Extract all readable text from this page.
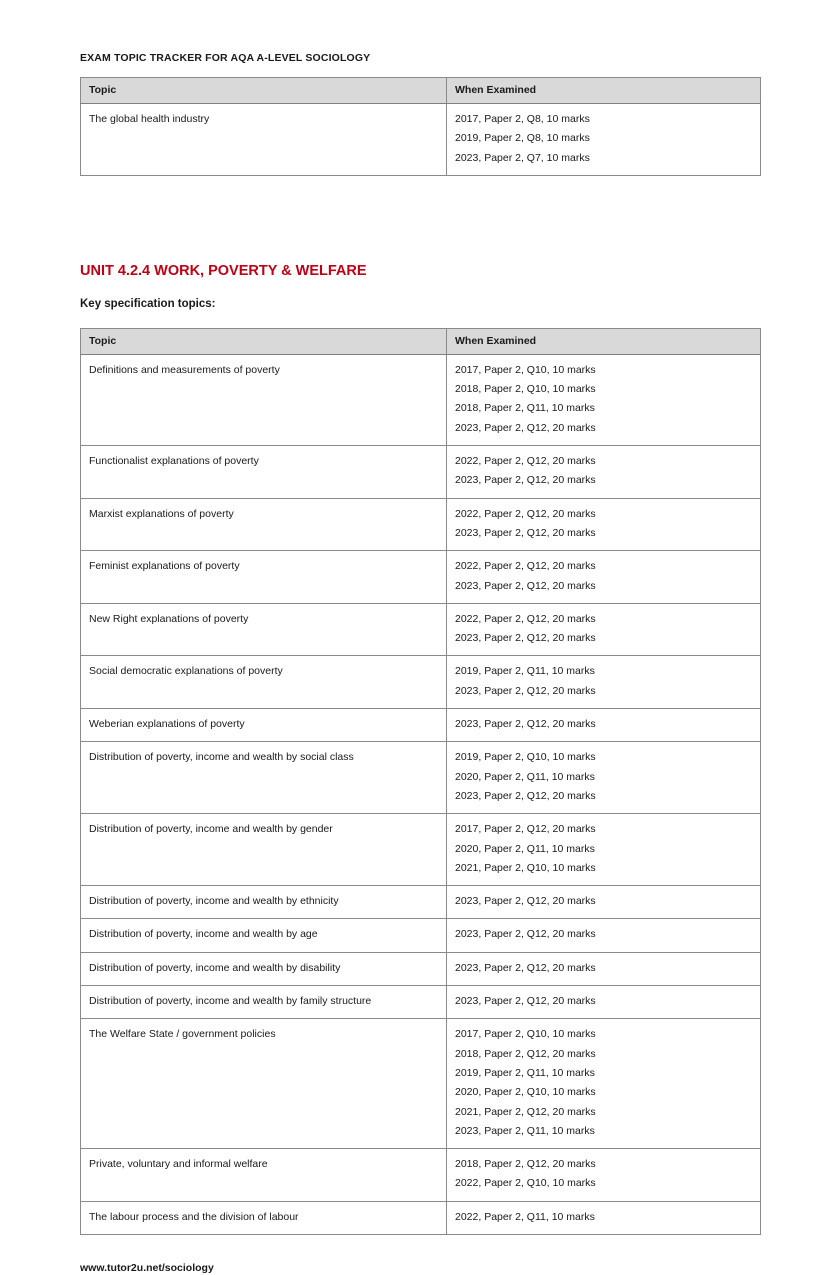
EXAM TOPIC TRACKER FOR AQA A-LEVEL SOCIOLOGY
Topic	When Examined

The global health industry	2017, Paper 2, Q8, 10 marks
2019, Paper 2, Q8, 10 marks
2023, Paper 2, Q7, 10 marks
UNIT 4.2.4 WORK, POVERTY & WELFARE
Key specification topics:
Topic	When Examined

Definitions and measurements of poverty	2017, Paper 2, Q10, 10 marks
2018, Paper 2, Q10, 10 marks
2018, Paper 2, Q11, 10 marks
2023, Paper 2, Q12, 20 marks

Functionalist explanations of poverty	2022, Paper 2, Q12, 20 marks
2023, Paper 2, Q12, 20 marks

Marxist explanations of poverty	2022, Paper 2, Q12, 20 marks
2023, Paper 2, Q12, 20 marks

Feminist explanations of poverty	2022, Paper 2, Q12, 20 marks
2023, Paper 2, Q12, 20 marks

New Right explanations of poverty	2022, Paper 2, Q12, 20 marks
2023, Paper 2, Q12, 20 marks

Social democratic explanations of poverty	2019, Paper 2, Q11, 10 marks
2023, Paper 2, Q12, 20 marks

Weberian explanations of poverty	2023, Paper 2, Q12, 20 marks

Distribution of poverty, income and wealth by social class	2019, Paper 2, Q10, 10 marks
2020, Paper 2, Q11, 10 marks
2023, Paper 2, Q12, 20 marks

Distribution of poverty, income and wealth by gender	2017, Paper 2, Q12, 20 marks
2020, Paper 2, Q11, 10 marks
2021, Paper 2, Q10, 10 marks

Distribution of poverty, income and wealth by ethnicity	2023, Paper 2, Q12, 20 marks

Distribution of poverty, income and wealth by age	2023, Paper 2, Q12, 20 marks

Distribution of poverty, income and wealth by disability	2023, Paper 2, Q12, 20 marks

Distribution of poverty, income and wealth by family structure	2023, Paper 2, Q12, 20 marks

The Welfare State / government policies	2017, Paper 2, Q10, 10 marks
2018, Paper 2, Q12, 20 marks
2019, Paper 2, Q11, 10 marks
2020, Paper 2, Q10, 10 marks
2021, Paper 2, Q12, 20 marks
2023, Paper 2, Q11, 10 marks

Private, voluntary and informal welfare	2018, Paper 2, Q12, 20 marks
2022, Paper 2, Q10, 10 marks

The labour process and the division of labour	2022, Paper 2, Q11, 10 marks
www.tutor2u.net/sociology
